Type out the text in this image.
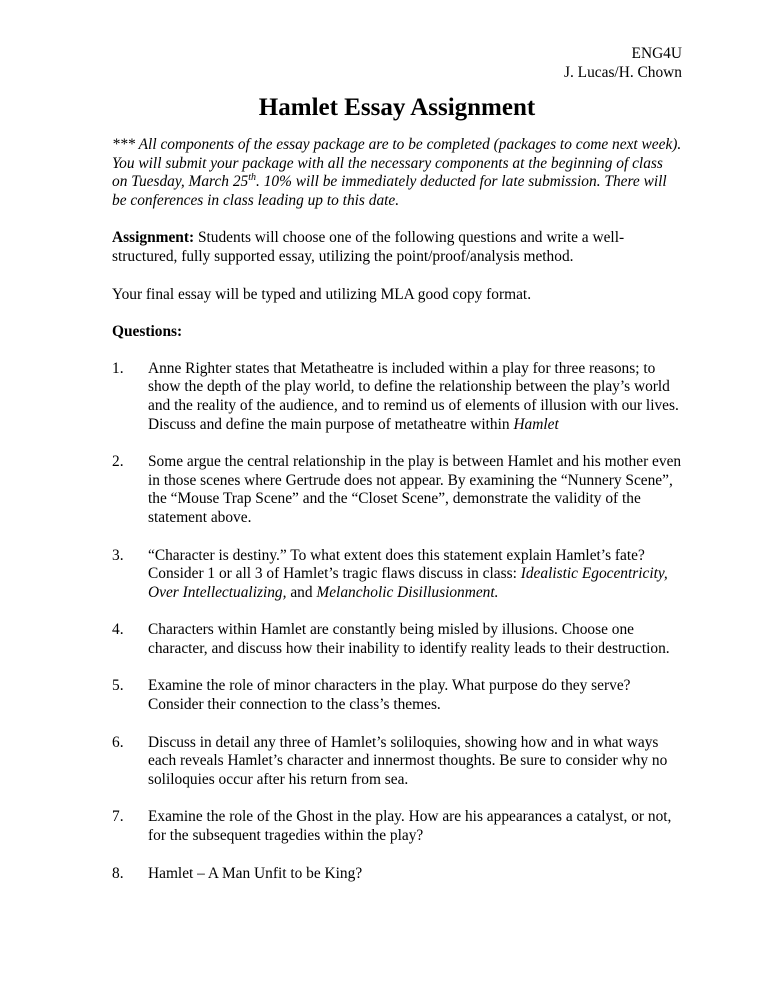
ENG4U
J. Lucas/H. Chown
Hamlet Essay Assignment
*** All components of the essay package are to be completed (packages to come next week). You will submit your package with all the necessary components at the beginning of class on Tuesday, March 25th. 10% will be immediately deducted for late submission. There will be conferences in class leading up to this date.
Assignment: Students will choose one of the following questions and write a well-structured, fully supported essay, utilizing the point/proof/analysis method.
Your final essay will be typed and utilizing MLA good copy format.
Questions:
1.	Anne Righter states that Metatheatre is included within a play for three reasons; to show the depth of the play world, to define the relationship between the play’s world and the reality of the audience, and to remind us of elements of illusion with our lives. Discuss and define the main purpose of metatheatre within Hamlet
2.	Some argue the central relationship in the play is between Hamlet and his mother even in those scenes where Gertrude does not appear. By examining the “Nunnery Scene”, the “Mouse Trap Scene” and the “Closet Scene”, demonstrate the validity of the statement above.
3.	“Character is destiny.” To what extent does this statement explain Hamlet’s fate? Consider 1 or all 3 of Hamlet’s tragic flaws discuss in class: Idealistic Egocentricity, Over Intellectualizing, and Melancholic Disillusionment.
4.	Characters within Hamlet are constantly being misled by illusions. Choose one character, and discuss how their inability to identify reality leads to their destruction.
5.	Examine the role of minor characters in the play. What purpose do they serve? Consider their connection to the class’s themes.
6.	Discuss in detail any three of Hamlet’s soliloquies, showing how and in what ways each reveals Hamlet’s character and innermost thoughts. Be sure to consider why no soliloquies occur after his return from sea.
7.	Examine the role of the Ghost in the play. How are his appearances a catalyst, or not, for the subsequent tragedies within the play?
8.	Hamlet – A Man Unfit to be King?
